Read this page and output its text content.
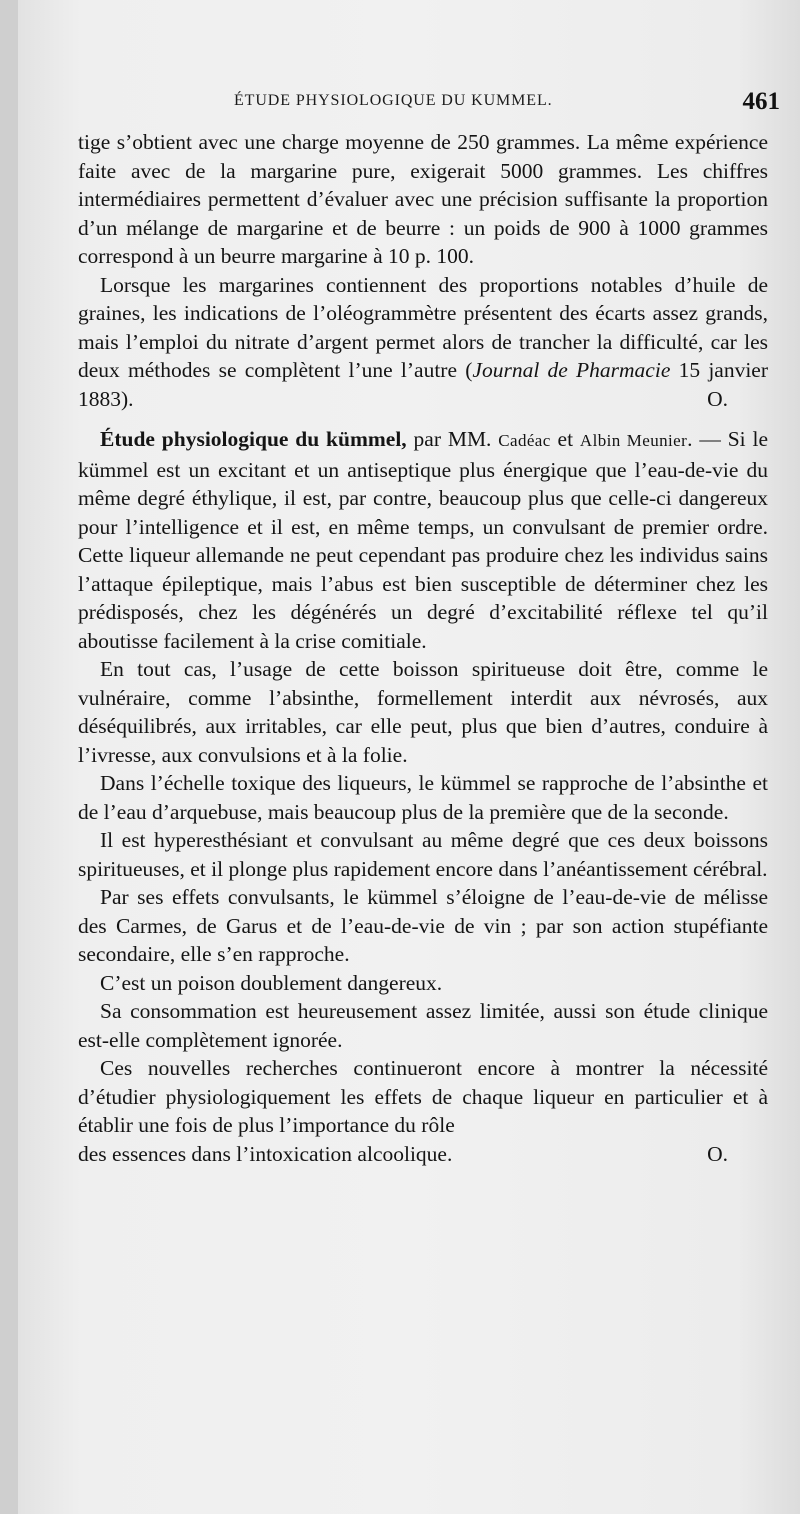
ÉTUDE PHYSIOLOGIQUE DU KUMMEL.	461

tige s’obtient avec une charge moyenne de 250 grammes. La même expérience faite avec de la margarine pure, exigerait 5000 grammes. Les chiffres intermédiaires permettent d’évaluer avec une précision suffisante la proportion d’un mélange de margarine et de beurre : un poids de 900 à 1000 grammes correspond à un beurre margarine à 10 p. 100.

Lorsque les margarines contiennent des proportions notables d’huile de graines, les indications de l’oléogrammètre présentent des écarts assez grands, mais l’emploi du nitrate d’argent permet alors de trancher la difficulté, car les deux méthodes se complètent l’une l’autre (Journal de Pharmacie 15 janvier 1883).	O.
Étude physiologique du kümmel, par MM. Cadéac et Albin Meunier. — Si le kümmel est un excitant et un antiseptique plus énergique que l’eau-de-vie du même degré éthylique, il est, par contre, beaucoup plus que celle-ci dangereux pour l’intelligence et il est, en même temps, un convulsant de premier ordre. Cette liqueur allemande ne peut cependant pas produire chez les individus sains l’attaque épileptique, mais l’abus est bien susceptible de déterminer chez les prédisposés, chez les dégénérés un degré d’excitabilité réflexe tel qu’il aboutisse facilement à la crise comitiale.

En tout cas, l’usage de cette boisson spiritueuse doit être, comme le vulnéraire, comme l’absinthe, formellement interdit aux névrosés, aux déséquilibrés, aux irritables, car elle peut, plus que bien d’autres, conduire à l’ivresse, aux convulsions et à la folie.

Dans l’échelle toxique des liqueurs, le kümmel se rapproche de l’absinthe et de l’eau d’arquebuse, mais beaucoup plus de la première que de la seconde.

Il est hyperesthésiant et convulsant au même degré que ces deux boissons spiritueuses, et il plonge plus rapidement encore dans l’anéantissement cérébral.

Par ses effets convulsants, le kümmel s’éloigne de l’eau-de-vie de mélisse des Carmes, de Garus et de l’eau-de-vie de vin ; par son action stupéfiante secondaire, elle s’en rapproche.

C’est un poison doublement dangereux.

Sa consommation est heureusement assez limitée, aussi son étude clinique est-elle complètement ignorée.

Ces nouvelles recherches continueront encore à montrer la nécessité d’étudier physiologiquement les effets de chaque liqueur en particulier et à établir une fois de plus l’importance du rôle
des essences dans l’intoxication alcoolique.	O.
